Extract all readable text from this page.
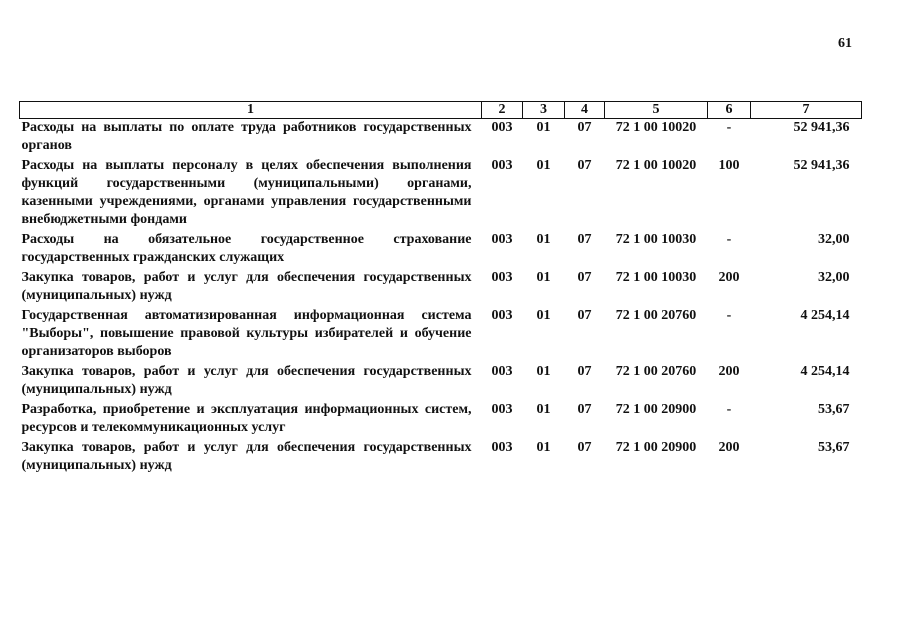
61
1	2	3	4	5	6	7
Расходы на выплаты по оплате труда работников государственных органов	003	01	07	72 1 00 10020	-	52 941,36
Расходы на выплаты персоналу в целях обеспечения выполнения функций государственными (муниципальными) органами, казенными учреждениями, органами управления государственными внебюджетными фондами	003	01	07	72 1 00 10020	100	52 941,36
Расходы на обязательное государственное страхование государственных гражданских служащих	003	01	07	72 1 00 10030	-	32,00
Закупка товаров, работ и услуг для обеспечения государственных (муниципальных) нужд	003	01	07	72 1 00 10030	200	32,00
Государственная автоматизированная информационная система "Выборы", повышение правовой культуры избирателей и обучение организаторов выборов	003	01	07	72 1 00 20760	-	4 254,14
Закупка товаров, работ и услуг для обеспечения государственных (муниципальных) нужд	003	01	07	72 1 00 20760	200	4 254,14
Разработка, приобретение и эксплуатация информационных систем, ресурсов и телекоммуникационных услуг	003	01	07	72 1 00 20900	-	53,67
Закупка товаров, работ и услуг для обеспечения государственных (муниципальных) нужд	003	01	07	72 1 00 20900	200	53,67
